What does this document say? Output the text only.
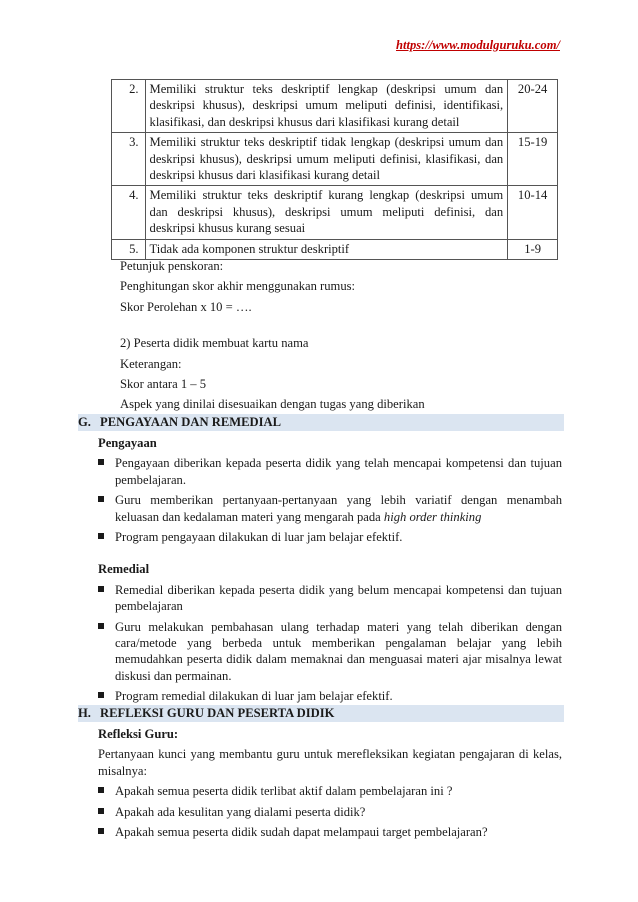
https://www.modulguruku.com/
2.	Memiliki struktur teks deskriptif lengkap (deskripsi umum dan deskripsi khusus), deskripsi umum meliputi definisi, identifikasi, klasifikasi, dan deskripsi khusus dari klasifikasi kurang detail	20-24
3.	Memiliki struktur teks deskriptif tidak lengkap (deskripsi umum dan deskripsi khusus), deskripsi umum meliputi definisi, klasifikasi, dan deskripsi khusus dari klasifikasi kurang detail	15-19
4.	Memiliki struktur teks deskriptif kurang lengkap (deskripsi umum dan deskripsi khusus), deskripsi umum meliputi definisi, dan deskripsi khusus kurang sesuai	10-14
5.	Tidak ada komponen struktur deskriptif	1-9
Petunjuk penskoran:
Penghitungan skor akhir menggunakan rumus:
Skor Perolehan x 10 = ….
2) Peserta didik membuat kartu nama
Keterangan:
Skor antara 1 – 5
Aspek yang dinilai disesuaikan dengan tugas yang diberikan
G. PENGAYAAN DAN REMEDIAL
Pengayaan
Pengayaan diberikan kepada peserta didik yang telah mencapai kompetensi dan tujuan pembelajaran.
Guru memberikan pertanyaan-pertanyaan yang lebih variatif dengan menambah keluasan dan kedalaman materi yang mengarah pada high order thinking
Program pengayaan dilakukan di luar jam belajar efektif.
Remedial
Remedial diberikan kepada peserta didik yang belum mencapai kompetensi dan tujuan pembelajaran
Guru melakukan pembahasan ulang terhadap materi yang telah diberikan dengan cara/metode yang berbeda untuk memberikan pengalaman belajar yang lebih memudahkan peserta didik dalam memaknai dan menguasai materi ajar misalnya lewat diskusi dan permainan.
Program remedial dilakukan di luar jam belajar efektif.
H. REFLEKSI GURU DAN PESERTA DIDIK
Refleksi Guru:
Pertanyaan kunci yang membantu guru untuk merefleksikan kegiatan pengajaran di kelas, misalnya:
Apakah semua peserta didik terlibat aktif dalam pembelajaran ini ?
Apakah ada kesulitan yang dialami peserta didik?
Apakah semua peserta didik sudah dapat melampaui target pembelajaran?
